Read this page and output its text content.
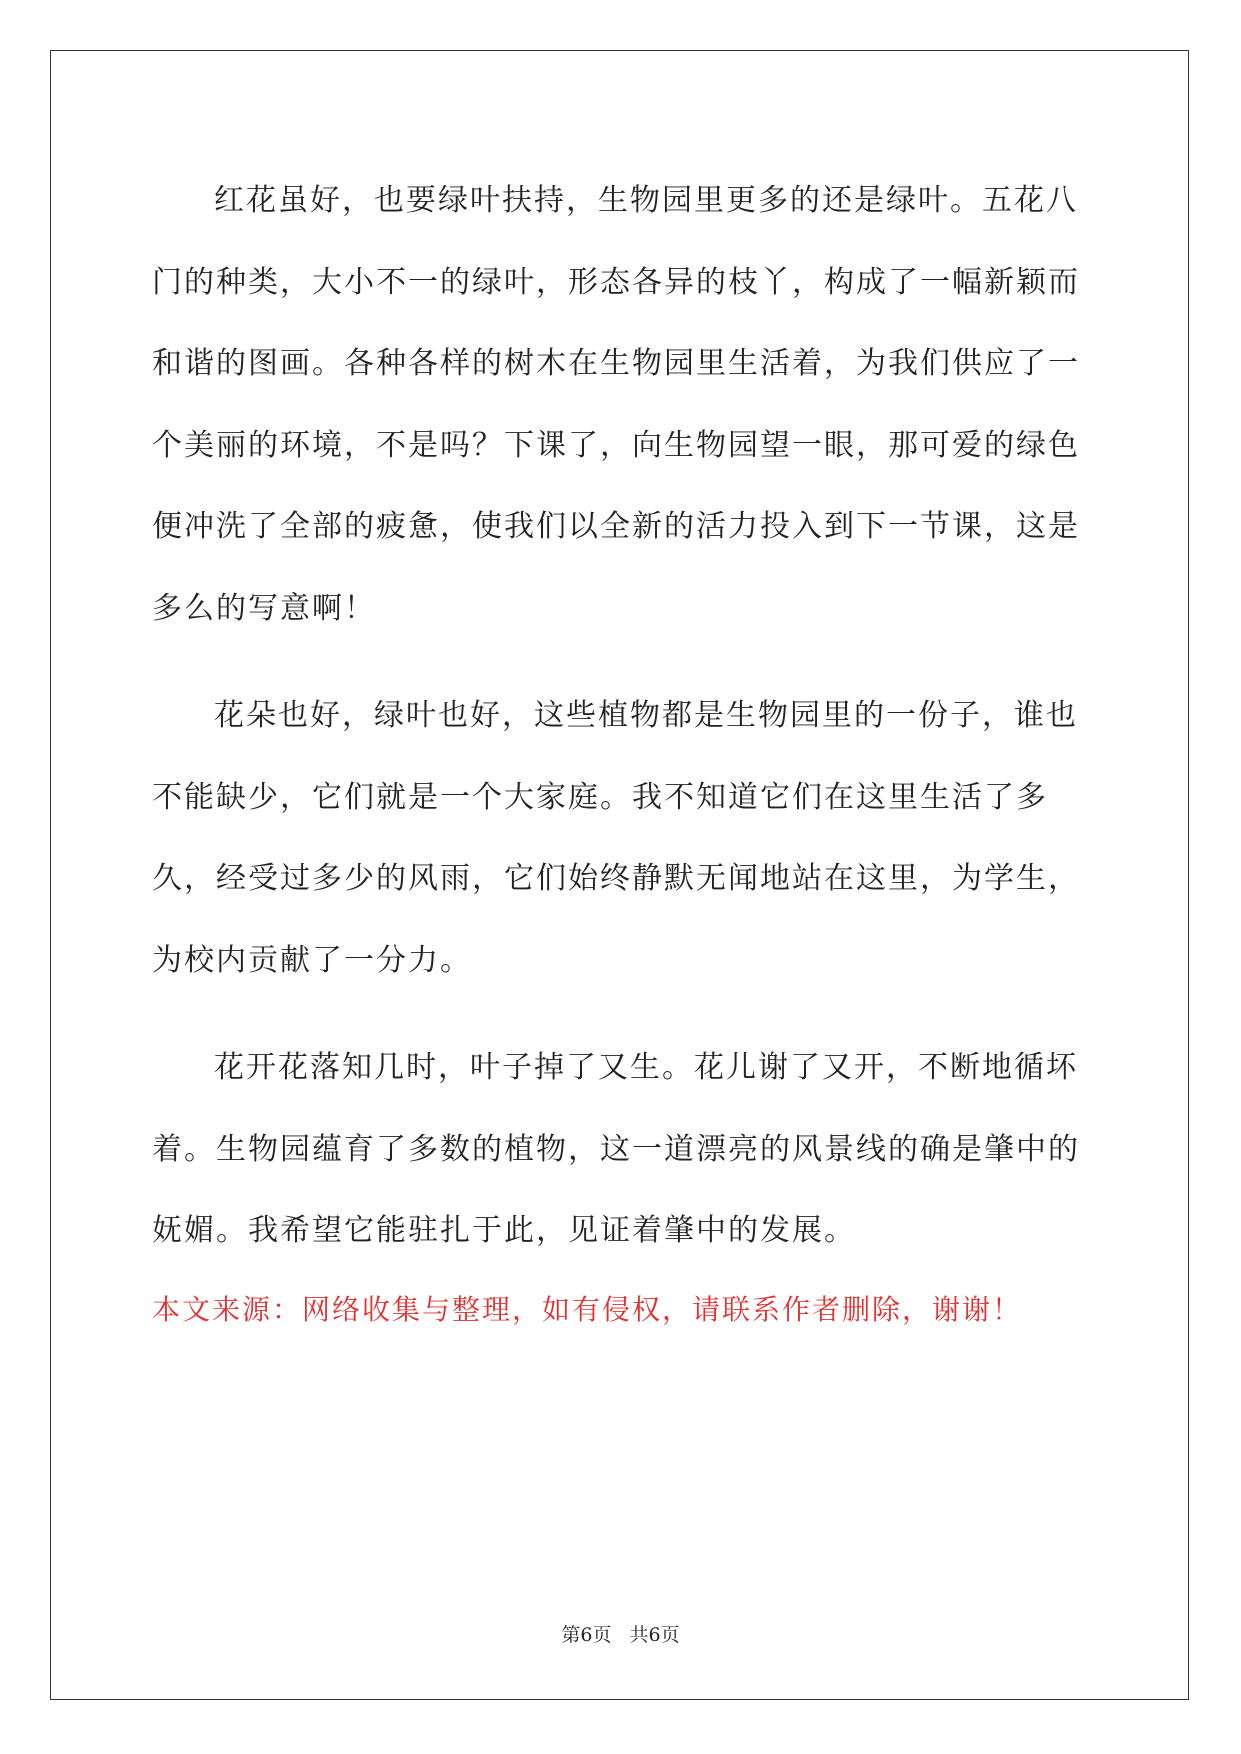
红花虽好，也要绿叶扶持，生物园里更多的还是绿叶。五花八门的种类，大小不一的绿叶，形态各异的枝丫，构成了一幅新颖而和谐的图画。各种各样的树木在生物园里生活着，为我们供应了一个美丽的环境，不是吗？下课了，向生物园望一眼，那可爱的绿色便冲洗了全部的疲惫，使我们以全新的活力投入到下一节课，这是多么的写意啊！

花朵也好，绿叶也好，这些植物都是生物园里的一份子，谁也不能缺少，它们就是一个大家庭。我不知道它们在这里生活了多久，经受过多少的风雨，它们始终静默无闻地站在这里，为学生，为校内贡献了一分力。

花开花落知几时，叶子掉了又生。花儿谢了又开，不断地循坏着。生物园蕴育了多数的植物，这一道漂亮的风景线的确是肇中的妩媚。我希望它能驻扎于此，见证着肇中的发展。

本文来源：网络收集与整理，如有侵权，请联系作者删除，谢谢！

第6页 共6页
